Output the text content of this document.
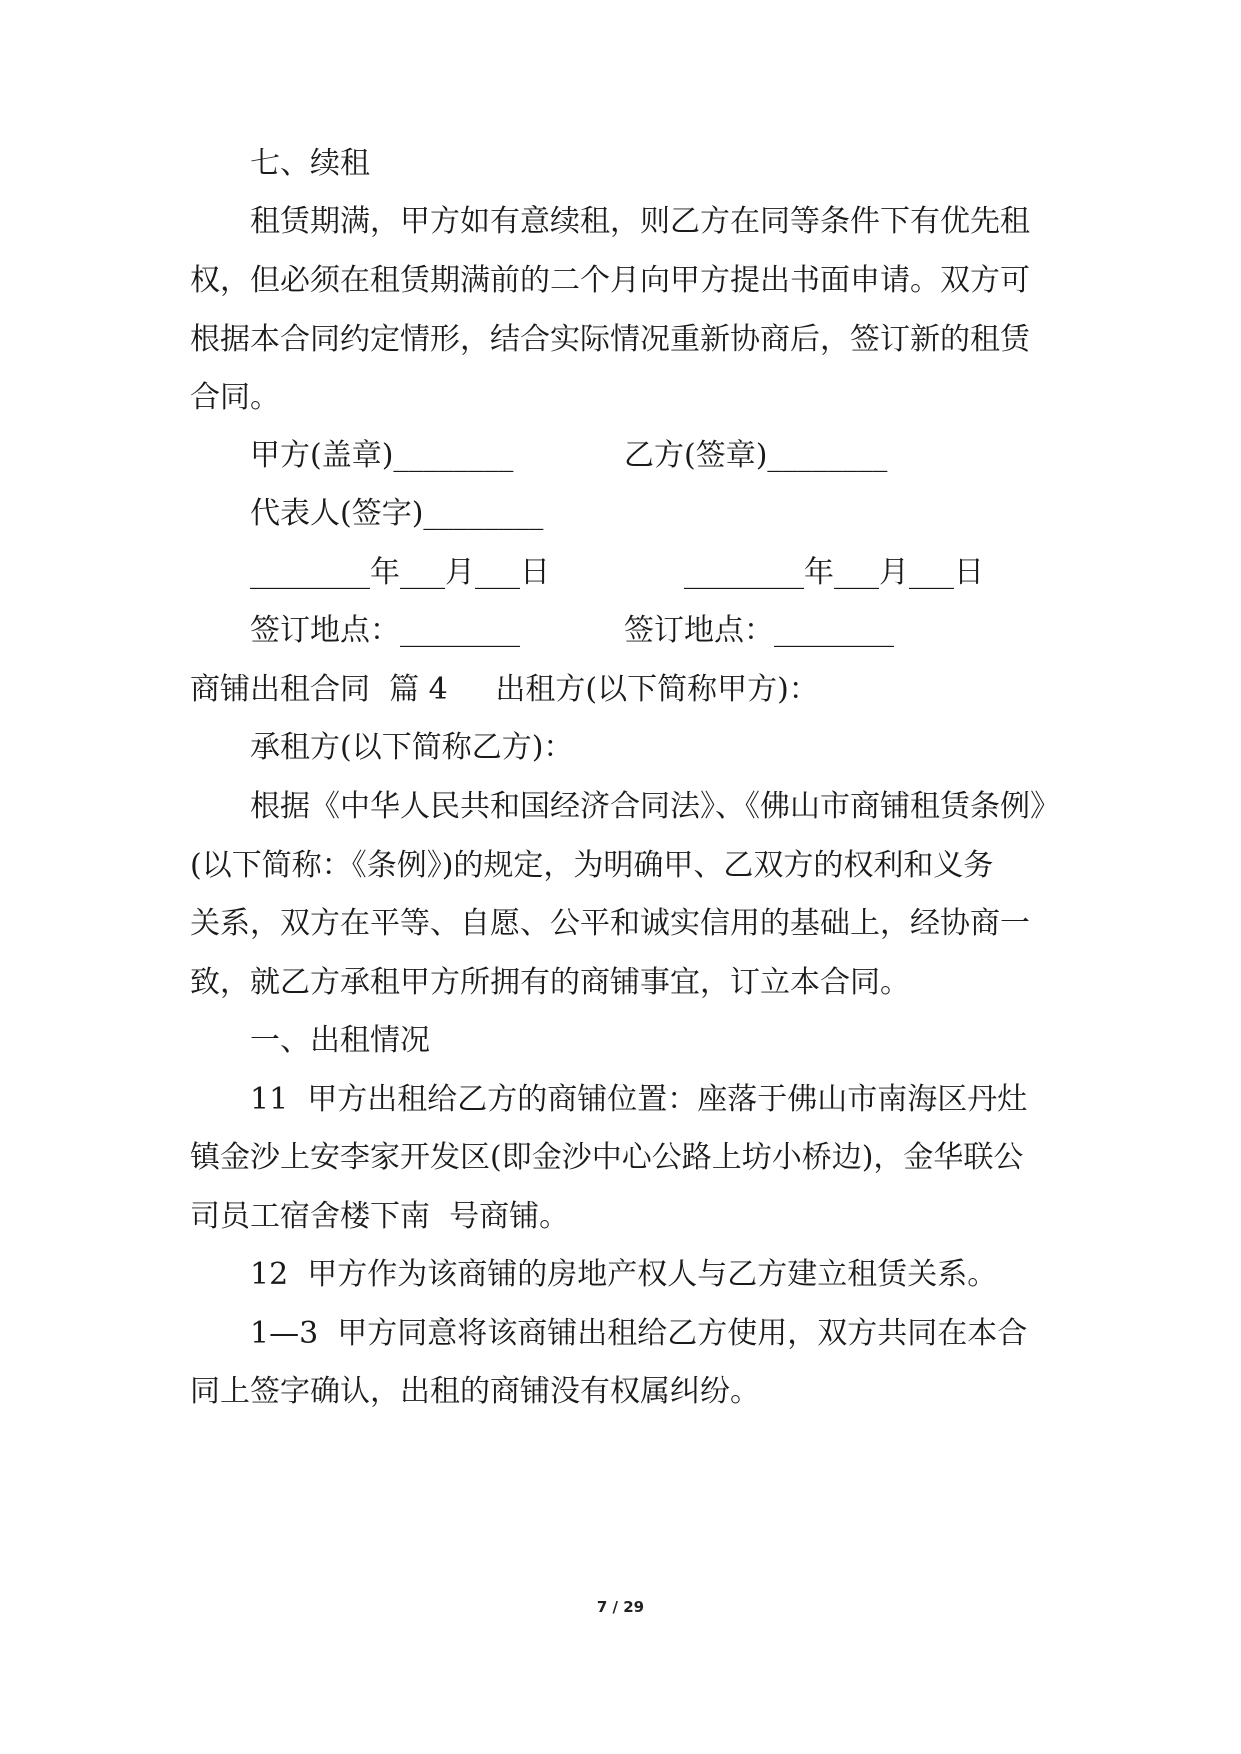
七、续租
租赁期满，甲方如有意续租，则乙方在同等条件下有优先租
权，但必须在租赁期满前的二个月向甲方提出书面申请。双方可
根据本合同约定情形，结合实际情况重新协商后，签订新的租赁
合同。
甲方(盖章)________	乙方(签章)________
代表人(签字)________
________年___月___日	________年___月___日
签订地点：________	签订地点：________
商铺出租合同  篇 4     出租方(以下简称甲方)：
承租方(以下简称乙方)：
根据《中华人民共和国经济合同法》、《佛山市商铺租赁条例》
(以下简称：《条例》)的规定，为明确甲、乙双方的权利和义务
关系，双方在平等、自愿、公平和诚实信用的基础上，经协商一
致，就乙方承租甲方所拥有的商铺事宜，订立本合同。
一、出租情况
11  甲方出租给乙方的商铺位置：座落于佛山市南海区丹灶
镇金沙上安李家开发区(即金沙中心公路上坊小桥边)，金华联公
司员工宿舍楼下南  号商铺。
12  甲方作为该商铺的房地产权人与乙方建立租赁关系。
1—3  甲方同意将该商铺出租给乙方使用，双方共同在本合
同上签字确认，出租的商铺没有权属纠纷。
7 / 29
